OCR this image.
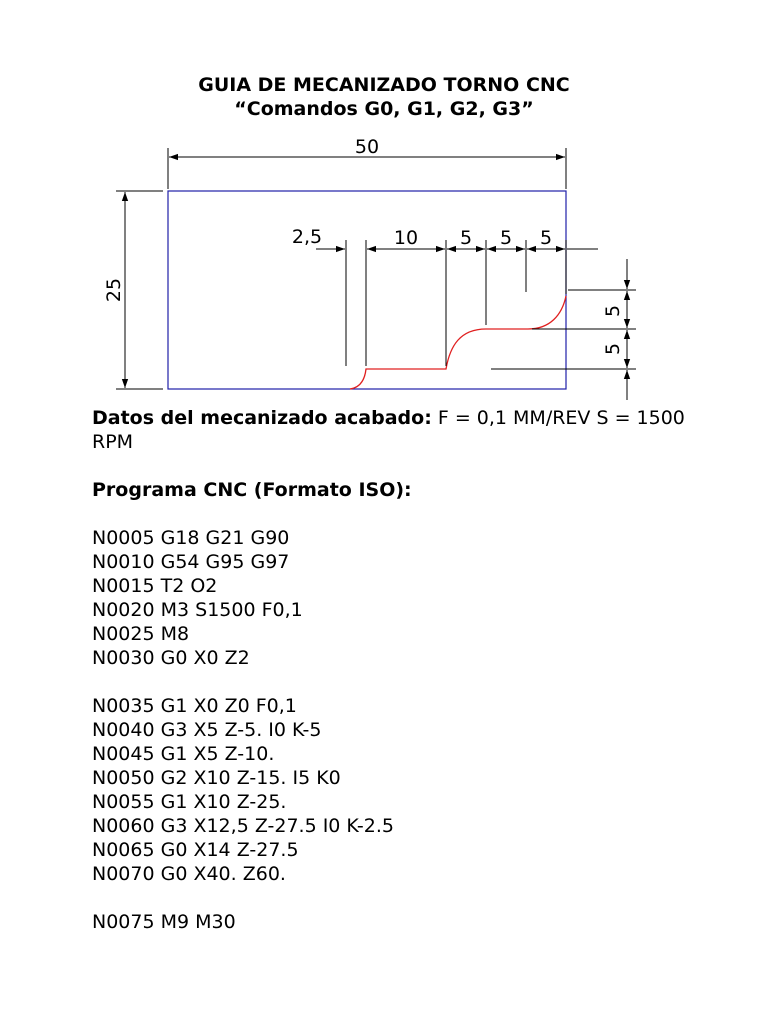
GUIA DE MECANIZADO TORNO CNC
“Comandos G0, G1, G2, G3”
50
25
2,5	10 5 5 5
5
5

Datos del mecanizado acabado: F = 0,1 MM/REV S = 1500 RPM

Programa CNC (Formato ISO):

N0005 G18 G21 G90

N0010 G54 G95 G97

N0015 T2 O2

N0020 M3 S1500 F0,1

N0025 M8

N0030 G0 X0 Z2

N0035 G1 X0 Z0 F0,1

N0040 G3 X5 Z-5. I0 K-5

N0045 G1 X5 Z-10.

N0050 G2 X10 Z-15. I5 K0

N0055 G1 X10 Z-25.

N0060 G3 X12,5 Z-27.5 I0 K-2.5

N0065 G0 X14 Z-27.5

N0070 G0 X40. Z60.

N0075 M9 M30
